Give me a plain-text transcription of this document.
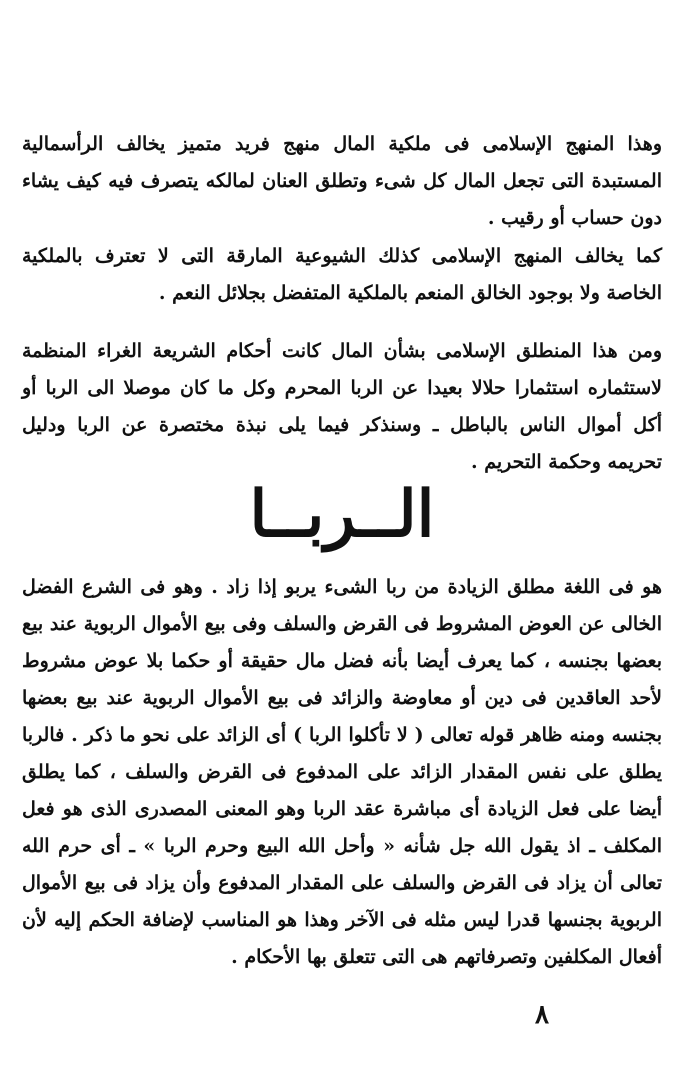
وهذا المنهج الإسلامى فى ملكية المال منهج فريد متميز يخالف الرأسمالية المستبدة التى تجعل المال كل شىء وتطلق العنان لمالكه يتصرف فيه كيف يشاء دون حساب أو رقيب .

كما يخالف المنهج الإسلامى كذلك الشيوعية المارقة التى لا تعترف بالملكية الخاصة ولا بوجود الخالق المنعم بالملكية المتفضل بجلائل النعم .

ومن هذا المنطلق الإسلامى بشأن المال كانت أحكام الشريعة الغراء المنظمة لاستثماره استثمارا حلالا بعيدا عن الربا المحرم وكل ما كان موصلا الى الربا أو أكل أموال الناس بالباطل ـ وسنذكر فيما يلى نبذة مختصرة عن الربا ودليل تحريمه وحكمة التحريم .

الــربــا

هو فى اللغة مطلق الزيادة من ربا الشىء يربو إذا زاد . وهو فى الشرع الفضل الخالى عن العوض المشروط فى القرض والسلف وفى بيع الأموال الربوية عند بيع بعضها بجنسه ، كما يعرف أيضا بأنه فضل مال حقيقة أو حكما بلا عوض مشروط لأحد العاقدين فى دين أو معاوضة والزائد فى بيع الأموال الربوية عند بيع بعضها بجنسه ومنه ظاهر قوله تعالى ( لا تأكلوا الربا ) أى الزائد على نحو ما ذكر . فالربا يطلق على نفس المقدار الزائد على المدفوع فى القرض والسلف ، كما يطلق أيضا على فعل الزيادة أى مباشرة عقد الربا وهو المعنى المصدرى الذى هو فعل المكلف ـ اذ يقول الله جل شأنه « وأحل الله البيع وحرم الربا » ـ أى حرم الله تعالى أن يزاد فى القرض والسلف على المقدار المدفوع وأن يزاد فى بيع الأموال الربوية بجنسها قدرا ليس مثله فى الآخر وهذا هو المناسب لإضافة الحكم إليه لأن أفعال المكلفين وتصرفاتهم هى التى تتعلق بها الأحكام .

٨
